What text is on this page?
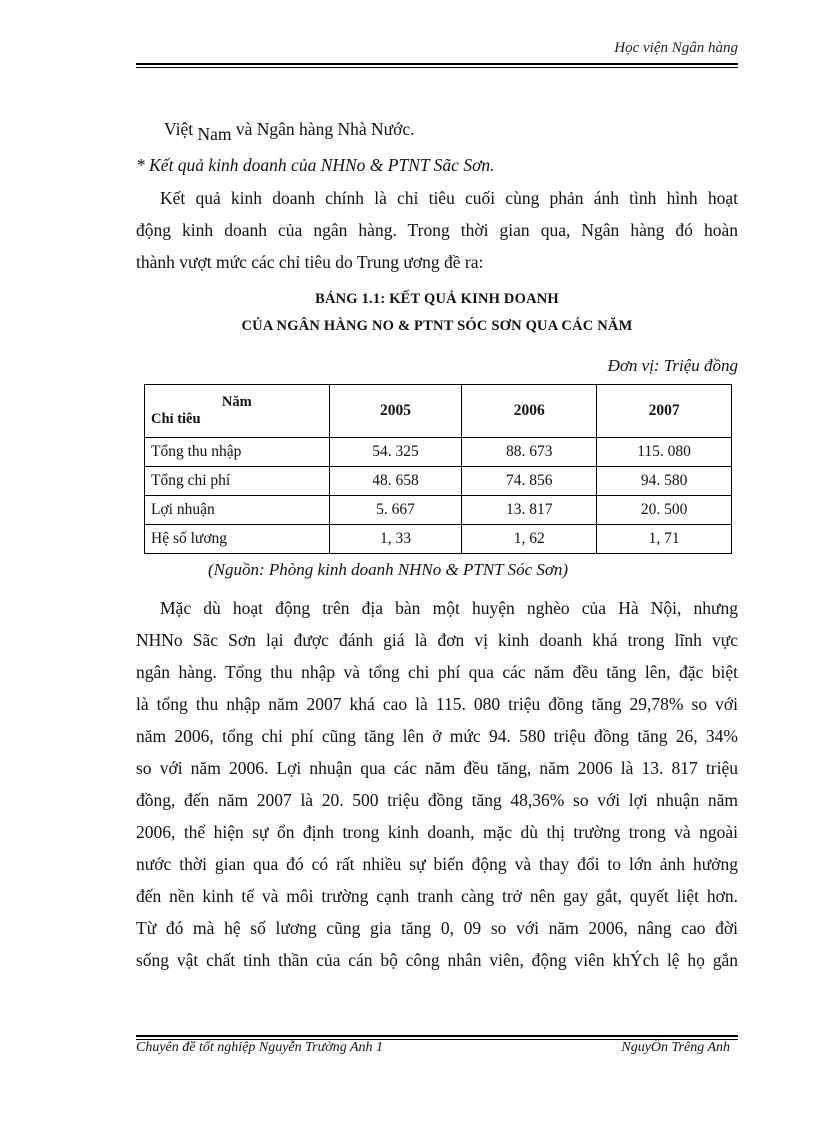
Học viện Ngân hàng

Việt Nam và Ngân hàng Nhà Nước.

* Kết quả kinh doanh của NHNo & PTNT Sãc Sơn.

Kết quả kinh doanh chính là chỉ tiêu cuối cùng phản ánh tình hình hoạt
động kinh doanh của ngân hàng. Trong thời gian qua, Ngân hàng đó hoàn
thành vượt mức các chỉ tiêu do Trung ương đề ra:
BẢNG 1.1: KẾT QUẢ KINH DOANH
CỦA NGÂN HÀNG NO & PTNT SÓC SƠN QUA CÁC NĂM
Đơn vị: Triệu đồng
Năm
Chỉ tiêu	2005	2006	2007
Tổng thu nhập	54. 325	88. 673	115. 080
Tổng chi phí	48. 658	74. 856	94. 580
Lợi nhuận	5. 667	13. 817	20. 500
Hệ số lương	1, 33	1, 62	1, 71
(Nguồn: Phòng kinh doanh NHNo & PTNT Sóc Sơn)
Mặc dù hoạt động trên địa bàn một huyện nghèo của Hà Nội, nhưng
NHNo Sãc Sơn lại được đánh giá là đơn vị kinh doanh khá trong lĩnh vực
ngân hàng. Tổng thu nhập và tổng chi phí qua các năm đều tăng lên, đặc biệt
là tổng thu nhập năm 2007 khá cao là 115. 080 triệu đồng tăng 29,78% so với
năm 2006, tổng chi phí cũng tăng lên ở mức 94. 580 triệu đồng tăng 26, 34%
so với năm 2006. Lợi nhuận qua các năm đều tăng, năm 2006 là 13. 817 triệu
đồng, đến năm 2007 là 20. 500 triệu đồng tăng 48,36% so với lợi nhuận năm
2006, thể hiện sự ổn định trong kinh doanh, mặc dù thị trường trong và ngoài
nước thời gian qua đó có rất nhiều sự biến động và thay đổi to lớn ảnh hưởng
đến nền kinh tế và môi trường cạnh tranh càng trở nên gay gắt, quyết liệt hơn.
Từ đó mà hệ số lương cũng gia tăng 0, 09 so với năm 2006, nâng cao đời
sống vật chất tinh thần của cán bộ công nhân viên, động viên khÝch lệ họ gắn
Chuyên đề tốt nghiệp Nguyễn Trường Anh 1	NguyÔn Trêng Anh
